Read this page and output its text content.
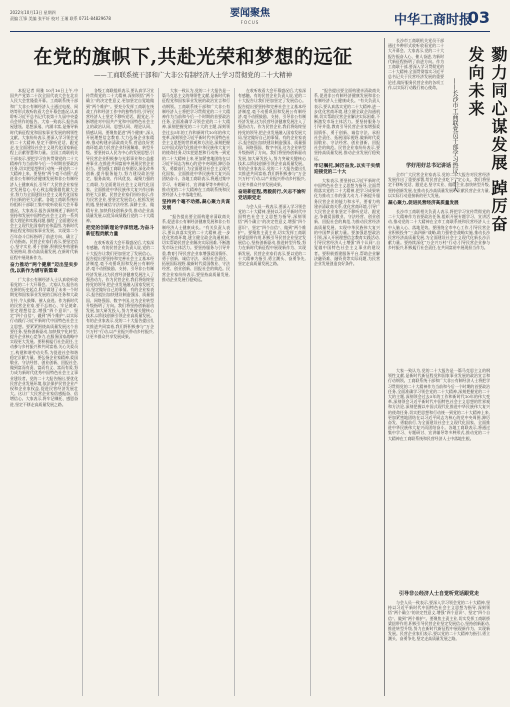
2022年10月13日 星期四
责编 江锋 美编 张平轩 校对 王瑾 联系 0731-84829678	要闻聚焦
FOCUS	中华工商时报
03
在党的旗帜下,共赴光荣和梦想的远征
——工商联系统干部和广大非公有制经济人士学习贯彻党的二十大精神

本报记者 周雅 10月16日上午,中国共产党第二十次全国代表大会在北京人民大会堂隆重开幕。工商联系统干部和广大非公有制经济人士通过电视、网络等形式收听收看大会开幕会盛况,认真聆听习近平总书记代表第十九届中央委员会所作的报告。大家一致表示,报告高屋建瓴、思想深邃、内涵丰富,是指导新时代新征程党和国家事业发展的纲领性文献。大家纷纷表示,要深入学习领会党的二十大精神,坚定不移听党话、跟党走,在全面建设社会主义现代化国家新征程上贡献智慧和力量。全国工商联机关干部表示,要把学习宣传贯彻党的二十大精神作为当前和今后一个时期首要政治任务,切实把思想和行动统一到党的二十大精神上来。要坚持“两个毫不动摇”,促进非公有制经济健康发展和非公有制经济人士健康成长,引导广大民营企业家坚定发展信心,专心致志做强做优做大企业,努力为全面建设社会主义现代化国家作出新的更大贡献。各地工商联系统纷纷组织干部职工集中收听收看大会开幕盛况。大家表示,报告深刻阐述了新时代坚持和发展中国特色社会主义的一系列重大理论和实践问题,描绘了全面建设社会主义现代化国家的宏伟蓝图,为新时代新征程党和国家事业发展、实现第二个百年奋斗目标指明了前进方向、确立了行动指南。民营企业家们表示,要坚定信心,坚守实业,勇于创新,积极投身构建新发展格局,推动高质量发展,在新时代新征程中展现新作为。

奋力推动“两个健康”迈出坚实步伐,以新作为谱写新篇章

广大非公有制经济人士认真收听收看党的二十大开幕会。大家认为,报告站在新的历史起点,科学谋划了未来一个时期党和国家事业发展的目标任务和大政方针,令人鼓舞、催人奋进。作为新时代的民营企业家,要不忘初心、牢记使命,坚定理想信念,增强“四个意识”、坚定“四个自信”、做到“两个维护”,以实际行动践行习近平新时代中国特色社会主义思想。要紧紧围绕高质量发展这个首要任务,坚持创新驱动,加快数字化转型,提升企业核心竞争力,在服务国家战略中实现更大发展。要积极履行社会责任,主动参与乡村振兴和共同富裕,关心关爱员工,构建和谐劳动关系,为促进社会和谐稳定贡献力量。要弘扬企业家精神,爱国敬业、守法经营、创业创新、回报社会,做到富而有责、富而有义、富而有爱,努力成为新时代优秀中国特色社会主义事业建设者。党的二十大报告指出,要优化民营企业发展环境,依法保护民营企业产权和企业家权益,促进民营经济发展壮大。这让广大民营企业家倍感振奋、倍增信心。大家表示,将牢记嘱托、感恩奋进,坚定不移走高质量发展之路。

各级工商联组织表示,要认真学习宣传贯彻党的二十大精神,深刻领悟“两个确立”的决定性意义,更加坚定自觉地做到“两个维护”。要充分发挥工商联在统战工作和经济工作中的独特作用,引导民营经济人士坚定不移听党话、跟党走,不断增进对中国共产党和中国特色社会主义的政治认同、思想认同、理论认同、情感认同。要聚焦促进“两个健康”,深入开展理想信念教育,大力弘扬企业家精神,推动构建亲清政商关系,营造良好营商环境,助力民营企业纾困解难、转型升级。要坚持以人民为中心的发展思想,引导民营企业积极参与光彩事业和公益慈善事业,在推进共同富裕中展现民营企业担当。要加强工商联自身建设,深化改革创新,提升服务能力,努力建设政治坚定、服务高效、作风优良、凝聚力强的工商联,为全面建设社会主义现代化国家、全面推进中华民族伟大复兴作出新的更大贡献。民营企业家们纷纷表示,作为民营企业,要坚定发展信心,抢抓发展机遇,坚持诚信守法经营,深耕主业、做精专业,加快科技创新步伐,推动企业高质量发展,以优异成绩践行党的二十大精神。

把党的创新理论学深悟透,为奋斗新征程贡献力量

在收听收看大会开幕盛况后,大家深有感触。有的民营企业负责人说,党的二十大报告让我们更加坚定了发展信心。报告提出要坚持和完善社会主义基本经济制度,毫不动摇巩固和发展公有制经济,毫不动摇鼓励、支持、引导非公有制经济发展,这为民营经济健康发展注入了强劲动力。作为民营企业,我们将始终坚持党的领导,把企业发展融入国家发展大局,坚定做好自己的事情。有的企业家表示,报告提出加快建设制造强国、质量强国、网络强国、数字中国,这为企业转型升级指明了方向。我们将坚持创新驱动发展,加大研发投入,努力突破关键核心技术,以科技创新引领企业高质量发展。有的企业家表示,党的二十大报告提出扎实推进共同富裕,我们将积极参与“万企兴万村”行动,以产业振兴带动乡村振兴,让更多群众共享发展成果。

大家一致认为,党的二十大报告是一篇马克思主义的纲领性文献,是新时代新征程党和国家事业发展的政治宣言和行动纲领。工商联系统干部和广大非公有制经济人士将把学习贯彻党的二十大精神作为当前和今后一个时期的首要政治任务,全面准确学习领会党的二十大精神,深刻把握党的二十大的主题,深刻领会过去5年的工作和新时代10年的伟大变革,深刻领会习近平新时代中国特色社会主义思想的世界观和方法论,深刻把握以中国式现代化推进中华民族伟大复兴的使命任务,切实把思想和行动统一到党的二十大精神上来,更加紧密地团结在以习近平同志为核心的党中央周围,踔厉奋发、勇毅前行,为全面建设社会主义现代化国家、全面推进中华民族伟大复兴而团结奋斗。各地工商联表示,将通过集中学习、专题研讨、宣讲辅导等多种形式,推动党的二十大精神在工商联系统和民营经济人士中落地生根。

坚持两个毫不动摇,凝心聚力共谋发展

“报告提出要全面构建亲清政商关系,促进非公有制经济健康发展和非公有制经济人士健康成长。”有关负责人表示,要认真落实党的二十大精神,进一步优化营商环境,建立健全政企沟通机制,切实帮助民营企业解决实际困难,不断激发市场主体活力。要坚持服务与引导并重,教育引导民营企业家增强爱国情怀、勇于创新、诚信守法、承担社会责任、拓展国际视野,做新时代爱国敬业、守法经营、创业创新、回报社会的典范。民营企业家纷纷表示,要坚持高质量发展,推动企业发展行稳致远。

在收听收看大会开幕盛况后,大家深有感触。有的民营企业负责人说,党的二十大报告让我们更加坚定了发展信心。报告提出要坚持和完善社会主义基本经济制度,毫不动摇巩固和发展公有制经济,毫不动摇鼓励、支持、引导非公有制经济发展,这为民营经济健康发展注入了强劲动力。作为民营企业,我们将始终坚持党的领导,把企业发展融入国家发展大局,坚定做好自己的事情。有的企业家表示,报告提出加快建设制造强国、质量强国、网络强国、数字中国,这为企业转型升级指明了方向。我们将坚持创新驱动发展,加大研发投入,努力突破关键核心技术,以科技创新引领企业高质量发展。有的企业家表示,党的二十大报告提出扎实推进共同富裕,我们将积极参与“万企兴万村”行动,以产业振兴带动乡村振兴,让更多群众共享发展成果。

奋进新征程,勇毅前行,矢志不渝听党话跟党走

与会人员一致表示,要深入学习领会党的二十大精神,坚持以习近平新时代中国特色社会主义思想为指导,深刻领悟“两个确立”的决定性意义,增强“四个意识”、坚定“四个自信”、做到“两个维护”。要聚焦主责主业,切实发挥工商联桥梁纽带作用,积极引导民营企业坚定发展信心,坚持创新驱动,推进转型升级,努力在新时代新征程中展现新作为、实现新发展。民营企业家们表示,要以党的二十大精神为指引,勇立潮头、奋勇争先,坚定走高质量发展之路。

“报告提出要全面构建亲清政商关系,促进非公有制经济健康发展和非公有制经济人士健康成长。”有关负责人表示,要认真落实党的二十大精神,进一步优化营商环境,建立健全政企沟通机制,切实帮助民营企业解决实际困难,不断激发市场主体活力。要坚持服务与引导并重,教育引导民营企业家增强爱国情怀、勇于创新、诚信守法、承担社会责任、拓展国际视野,做新时代爱国敬业、守法经营、创业创新、回报社会的典范。民营企业家纷纷表示,要坚持高质量发展,推动企业发展行稳致远。

牢记嘱托,踔厉奋发,以实干实绩迎接党的二十大

大家表示,要坚持以习近平新时代中国特色社会主义思想为指导,全面贯彻落实党的二十大精神,把学习成果转化为推动工作的强大动力,不断提升服务民营企业的能力和水平。要着力构建亲清政商关系,优化营商环境,引导广大民营企业家坚定不移听党话、跟党走,争做爱国敬业、守法经营、创业创新、回报社会的典范,为推动民营经济高质量发展、实现中华民族伟大复兴的中国梦贡献力量。要加强思想政治引领,深入开展理想信念教育实践活动,引导民营经济人士增强“四个认同”,自觉做中国特色社会主义事业的建设者。要积极搭建服务平台,帮助企业解决融资难、融资贵等实际问题,为民营企业发展创造良好条件。

勠力同心谋发展 踔厉奋发向未来
——长沙市工商联党员干部学习热议二十大

长沙市工商联机关党员干部通过多种形式收听收看党的二十大开幕会。大家表示,党的二十大报告振奋人心、催人奋进,为新时代新征程指明了前进方向。作为工商联干部,要深入学习贯彻党的二十大精神,全面贯彻落实习近平总书记关于民营经济发展的重要论述,做好服务民营企业的各项工作,以实际行动践行初心使命。

学好用好总书记讲话

全市广大民营企业家表示,党的二十大报告对民营经济发展作出了重要部署,给民营企业吃下了定心丸。我们将坚定不移听党话、跟党走,坚守实业、做精主业,加快转型升级,坚持创新发展,在推动长沙高质量发展中贡献民营企业力量,以实际行动迎接新的更大发展。

凝心聚力,促进民营经济高质量发展

长沙市工商联相关负责人表示,将把学习宣传贯彻党的二十大精神作为首要政治任务,组织开展专题学习、宣讲活动,推动党的二十大精神在全市工商联系统和民营经济人士中入脑入心、落地见效。要围绕全市中心工作,引导民营企业积极投身“三高四新”战略,助力强省会战略实施,推动长沙民营经济高质量发展,为全面建设社会主义现代化新长沙贡献力量。要持续深化“万企兴万村”行动,引导民营企业参与乡村振兴,积极履行社会责任,在共同富裕中展现担当作为。

大家一致认为,党的二十大报告是一篇马克思主义的纲领性文献,是新时代新征程党和国家事业发展的政治宣言和行动纲领。工商联系统干部和广大非公有制经济人士将把学习贯彻党的二十大精神作为当前和今后一个时期的首要政治任务,全面准确学习领会党的二十大精神,深刻把握党的二十大的主题,深刻领会过去5年的工作和新时代10年的伟大变革,深刻领会习近平新时代中国特色社会主义思想的世界观和方法论,深刻把握以中国式现代化推进中华民族伟大复兴的使命任务,切实把思想和行动统一到党的二十大精神上来,更加紧密地团结在以习近平同志为核心的党中央周围,踔厉奋发、勇毅前行,为全面建设社会主义现代化国家、全面推进中华民族伟大复兴而团结奋斗。各地工商联表示,将通过集中学习、专题研讨、宣讲辅导等多种形式,推动党的二十大精神在工商联系统和民营经济人士中落地生根。

引导非公经济人士自觉听党话跟党走

与会人员一致表示,要深入学习领会党的二十大精神,坚持以习近平新时代中国特色社会主义思想为指导,深刻领悟“两个确立”的决定性意义,增强“四个意识”、坚定“四个自信”、做到“两个维护”。要聚焦主责主业,切实发挥工商联桥梁纽带作用,积极引导民营企业坚定发展信心,坚持创新驱动,推进转型升级,努力在新时代新征程中展现新作为、实现新发展。民营企业家们表示,要以党的二十大精神为指引,勇立潮头、奋勇争先,坚定走高质量发展之路。
